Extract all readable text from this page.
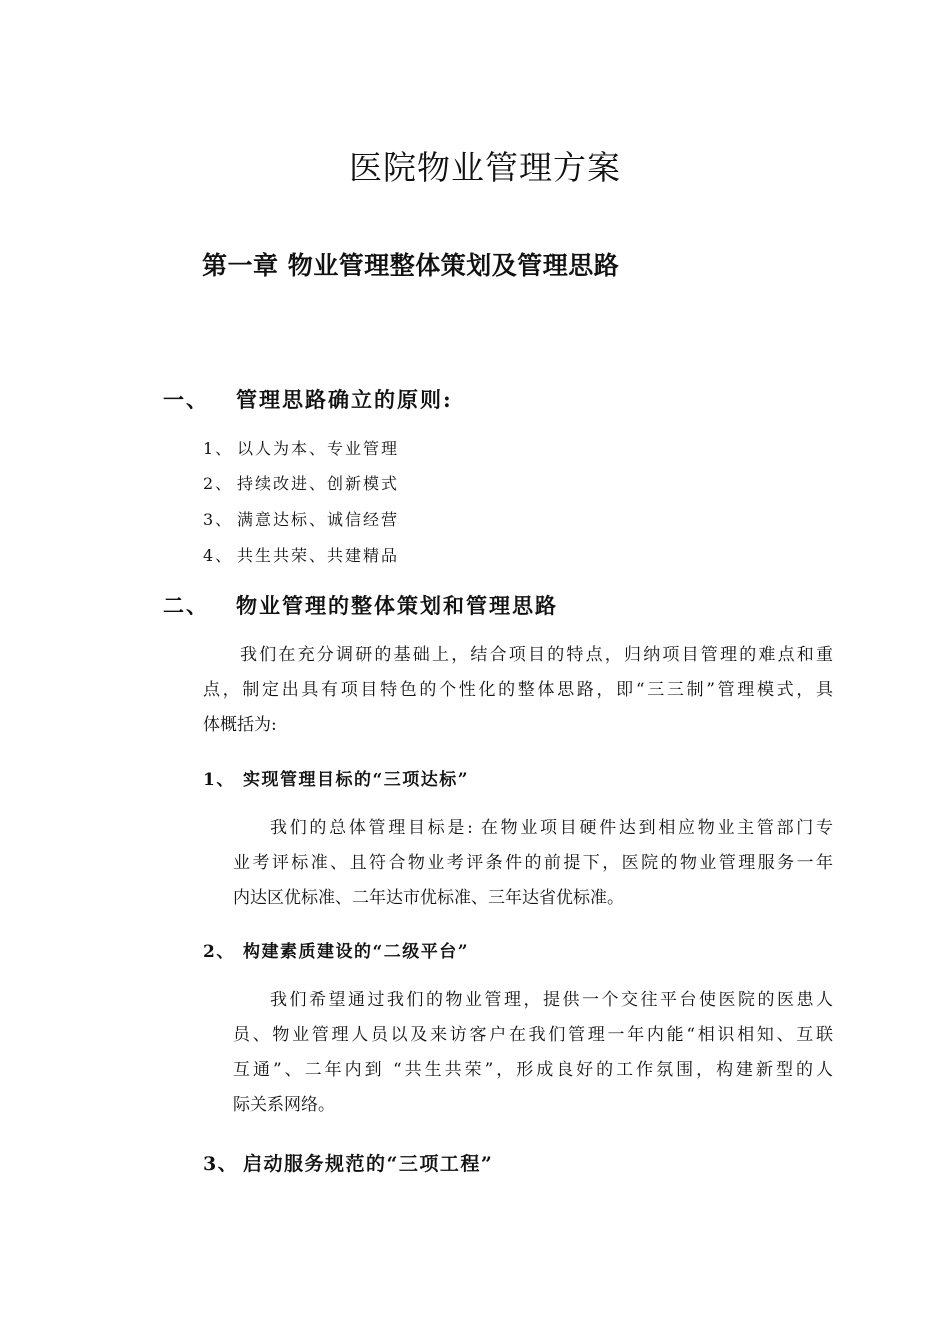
医院物业管理方案
第一章 物业管理整体策划及管理思路
一、 管理思路确立的原则:
1、 以人为本、专业管理
2、 持续改进、创新模式
3、 满意达标、诚信经营
4、 共生共荣、共建精品
二、 物业管理的整体策划和管理思路
我们在充分调研的基础上，结合项目的特点，归纳项目管理的难点和重
点，制定出具有项目特色的个性化的整体思路，即“三三制”管理模式，具
体概括为:
1、 实现管理目标的“三项达标”
我们的总体管理目标是: 在物业项目硬件达到相应物业主管部门专
业考评标准、且符合物业考评条件的前提下，医院的物业管理服务一年
内达区优标准、二年达市优标准、三年达省优标准。
2、 构建素质建设的“二级平台”
我们希望通过我们的物业管理，提供一个交往平台使医院的医患人
员、物业管理人员以及来访客户在我们管理一年内能“相识相知、互联
互通”、二年内到 “共生共荣”，形成良好的工作氛围，构建新型的人
际关系网络。
3、 启动服务规范的“三项工程”
